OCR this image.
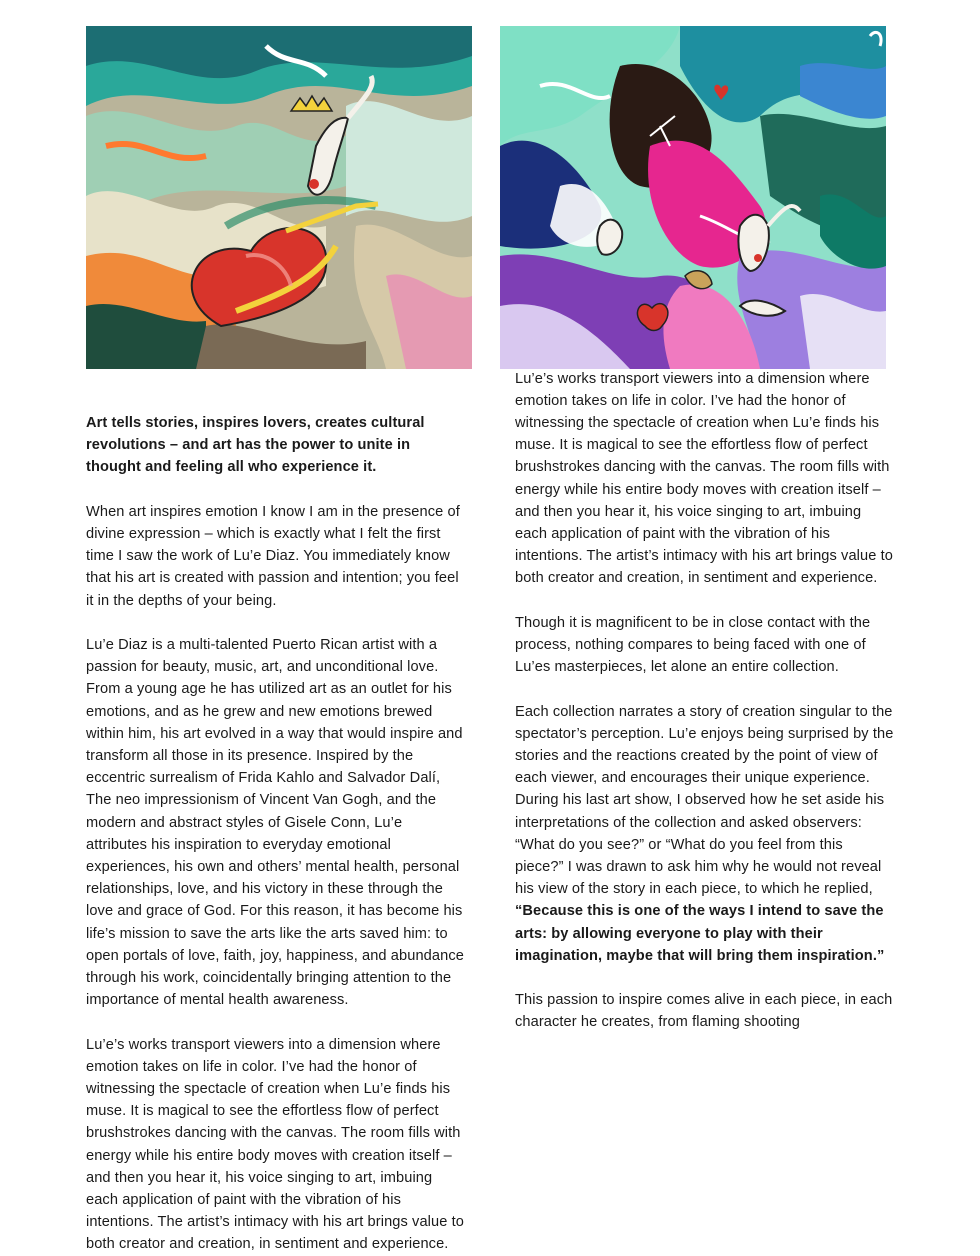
Art tells stories, inspires lovers, creates cultural revolutions – and art has the power to unite in thought and feeling all who experience it.

When art inspires emotion I know I am in the presence of divine expression – which is exactly what I felt the first time I saw the work of Lu’e Diaz. You immediately know that his art is created with passion and intention; you feel it in the depths of your being.

Lu’e Diaz is a multi-talented Puerto Rican artist with a passion for beauty, music, art, and unconditional love. From a young age he has utilized art as an outlet for his emotions, and as he grew and new emotions brewed within him, his art evolved in a way that would inspire and transform all those in its presence. Inspired by the eccentric surrealism of Frida Kahlo and Salvador Dalí, The neo impressionism of Vincent Van Gogh, and the modern and abstract styles of Gisele Conn, Lu’e attributes his inspiration to everyday emotional experiences, his own and others’ mental health, personal relationships, love, and his victory in these through the love and grace of God. For this reason, it has become his life’s mission to save the arts like the arts saved him: to open portals of love, faith, joy, happiness, and abundance through his work, coincidentally bringing attention to the importance of mental health awareness.

Lu’e’s works transport viewers into a dimension where emotion takes on life in color. I’ve had the honor of witnessing the spectacle of creation when Lu’e finds his muse. It is magical to see the effortless flow of perfect brushstrokes dancing with the canvas. The room fills with energy while his entire body moves with creation itself – and then you hear it, his voice singing to art, imbuing each application of paint with the vibration of his intentions. The artist’s intimacy with his art brings value to both creator and creation, in sentiment and experience.

Lu’e’s works transport viewers into a dimension where emotion takes on life in color. I’ve had the honor of witnessing the spectacle of creation when Lu’e finds his muse. It is magical to see the effortless flow of perfect brushstrokes dancing with the canvas. The room fills with energy while his entire body moves with creation itself – and then you hear it, his voice singing to art, imbuing each application of paint with the vibration of his intentions. The artist’s intimacy with his art brings value to both creator and creation, in sentiment and experience.

Though it is magnificent to be in close contact with the process, nothing compares to being faced with one of Lu’es masterpieces, let alone an entire collection.

Each collection narrates a story of creation singular to the spectator’s perception. Lu’e enjoys being surprised by the stories and the reactions created by the point of view of each viewer, and encourages their unique experience. During his last art show, I observed how he set aside his interpretations of the collection and asked observers: “What do you see?” or “What do you feel from this piece?” I was drawn to ask him why he would not reveal his view of the story in each piece, to which he replied, “Because this is one of the ways I intend to save the arts: by allowing everyone to play with their imagination, maybe that will bring them inspiration.”

This passion to inspire comes alive in each piece, in each character he creates, from flaming shooting
